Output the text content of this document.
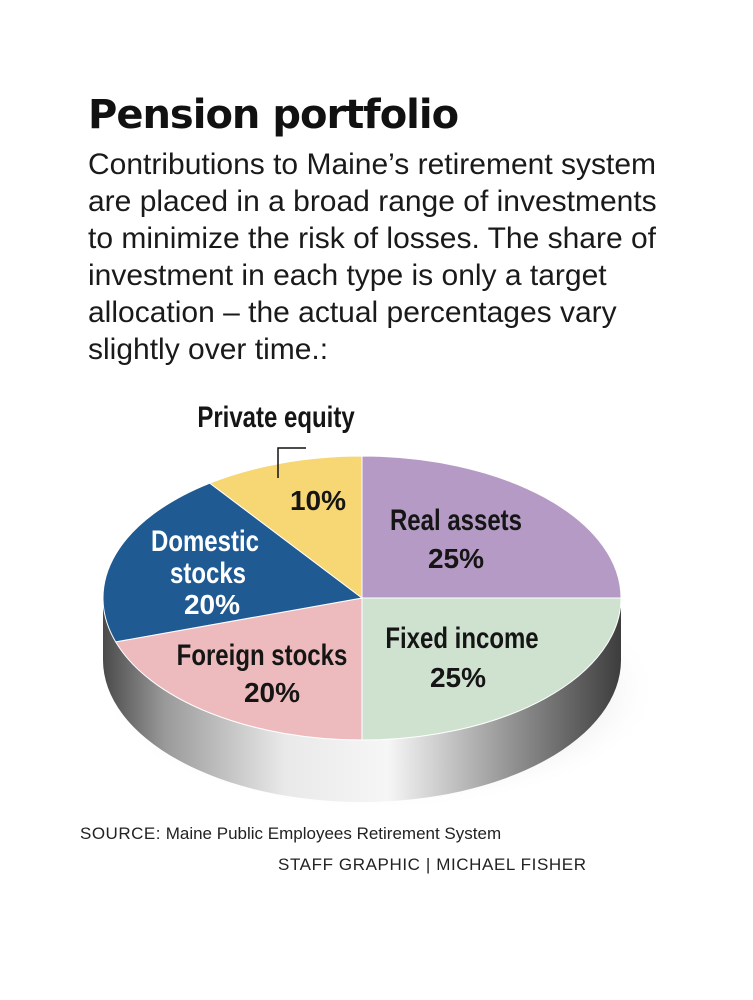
Pension portfolio

Contributions to Maine’s retirement system are placed in a broad range of investments to minimize the risk of losses. The share of investment in each type is only a target allocation – the actual percentages vary slightly over time.:

Real assets
25%
Fixed income
25%
Foreign stocks
20%
Domestic
stocks
20%
Private equity
10%

SOURCE: Maine Public Employees Retirement System

STAFF GRAPHIC | MICHAEL FISHER
